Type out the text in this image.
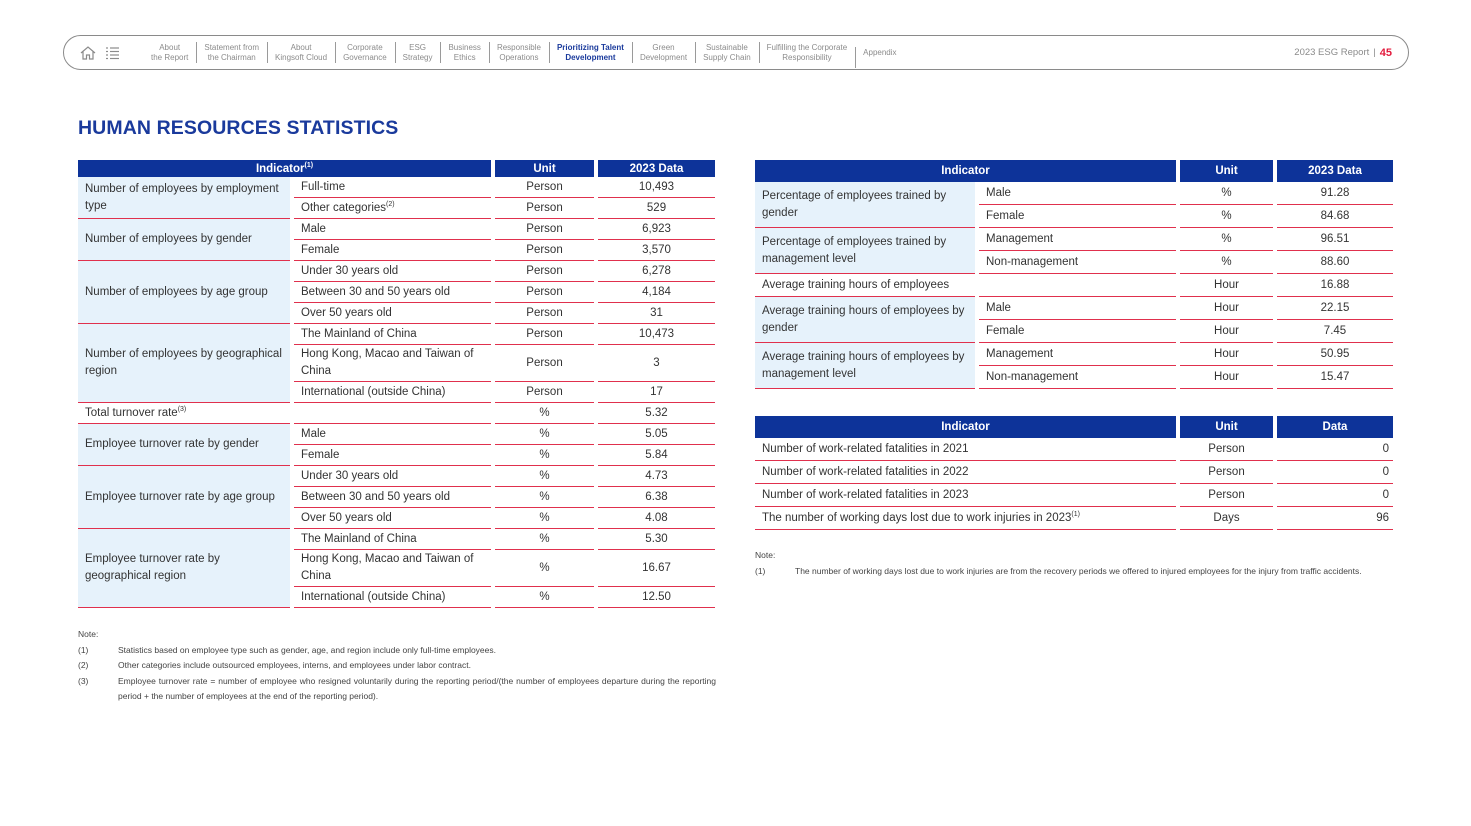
About
the Report
Statement from
the Chairman
About
Kingsoft Cloud
Corporate
Governance
ESG
Strategy
Business
Ethics
Responsible
Operations
Prioritizing Talent
Development
Green
Development
Sustainable
Supply Chain
Fulfilling the Corporate
Responsibility
Appendix	2023 ESG Report | 45
HUMAN RESOURCES STATISTICS
Indicator$^{(1)}$		Unit	2023 Data
Number of employees by employment type	Full-time	Person	10,493
	Other categories$^{(2)}$	Person	529
Number of employees by gender	Male	Person	6,923
	Female	Person	3,570
Number of employees by age group	Under 30 years old	Person	6,278
	Between 30 and 50 years old	Person	4,184
	Over 50 years old	Person	31
Number of employees by geographical region	The Mainland of China	Person	10,473
	Hong Kong, Macao and Taiwan of China	Person	3
	International (outside China)	Person	17
Total turnover rate$^{(3)}$		%	5.32
Employee turnover rate by gender	Male	%	5.05
	Female	%	5.84
Employee turnover rate by age group	Under 30 years old	%	4.73
	Between 30 and 50 years old	%	6.38
	Over 50 years old	%	4.08
Employee turnover rate by geographical region	The Mainland of China	%	5.30
	Hong Kong, Macao and Taiwan of China	%	16.67
	International (outside China)	%	12.50
Indicator		Unit	2023 Data
Percentage of employees trained by gender	Male	%	91.28
	Female	%	84.68
Percentage of employees trained by management level	Management	%	96.51
	Non-management	%	88.60
Average training hours of employees		Hour	16.88
Average training hours of employees by gender	Male	Hour	22.15
	Female	Hour	7.45
Average training hours of employees by management level	Management	Hour	50.95
	Non-management	Hour	15.47
Indicator	Unit	Data
Number of work-related fatalities in 2021	Person	0
Number of work-related fatalities in 2022	Person	0
Number of work-related fatalities in 2023	Person	0
The number of working days lost due to work injuries in 2023$^{(1)}$	Days	96
Note:
(1)	Statistics based on employee type such as gender, age, and region include only full-time employees.
(2)	Other categories include outsourced employees, interns, and employees under labor contract.
(3)	Employee turnover rate = number of employee who resigned voluntarily during the reporting period/(the number of employees departure during the reporting period + the number of employees at the end of the reporting period).
Note:
(1)	The number of working days lost due to work injuries are from the recovery periods we offered to injured employees for the injury from traffic accidents.
